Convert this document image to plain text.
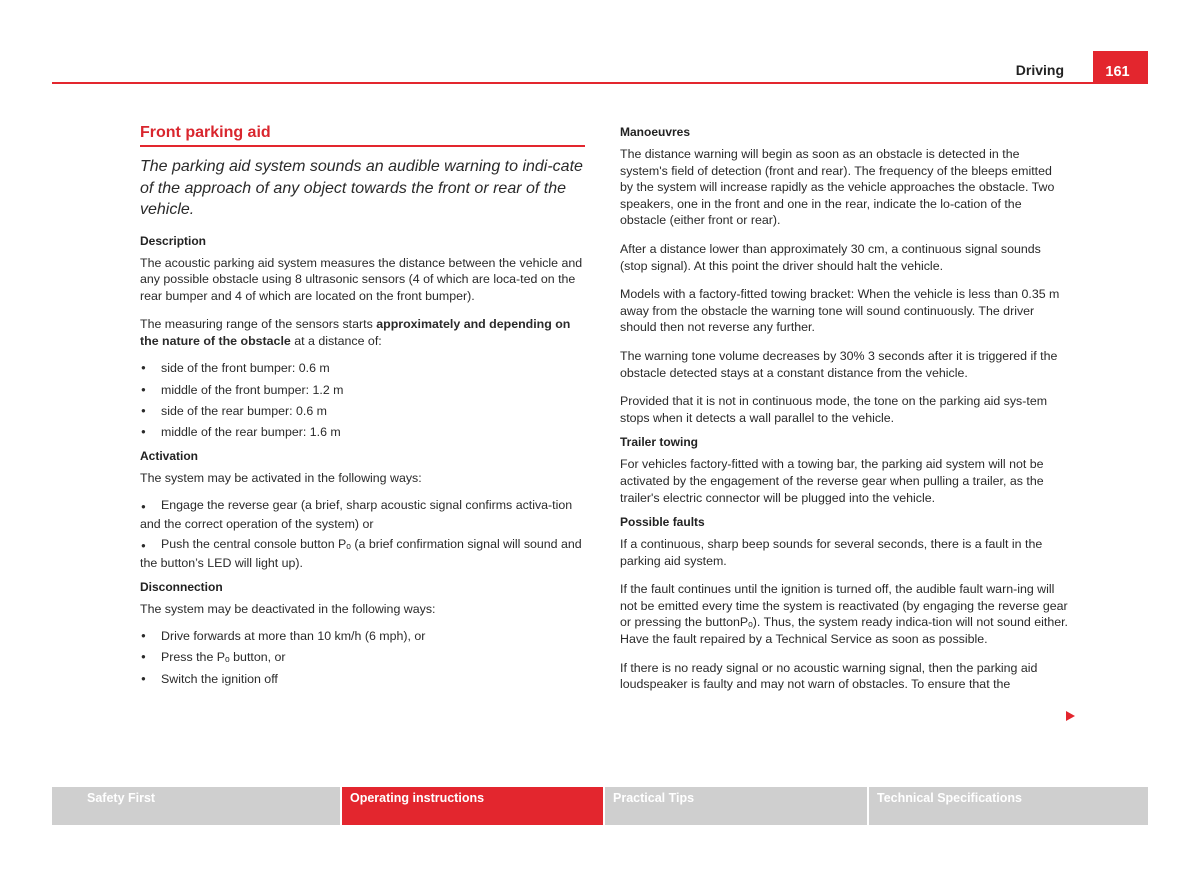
Driving	161
Front parking aid
The parking aid system sounds an audible warning to indi-cate of the approach of any object towards the front or rear of the vehicle.
Description
The acoustic parking aid system measures the distance between the vehicle and any possible obstacle using 8 ultrasonic sensors (4 of which are loca-ted on the rear bumper and 4 of which are located on the front bumper).
The measuring range of the sensors starts approximately and depending on the nature of the obstacle at a distance of:
● side of the front bumper: 0.6 m
● middle of the front bumper: 1.2 m
● side of the rear bumper: 0.6 m
● middle of the rear bumper: 1.6 m
Activation
The system may be activated in the following ways:
● Engage the reverse gear (a brief, sharp acoustic signal confirms activa-tion and the correct operation of the system) or
● Push the central console button Pₒ (a brief confirmation signal will sound and the button’s LED will light up).
Disconnection
The system may be deactivated in the following ways:
● Drive forwards at more than 10 km/h (6 mph), or
● Press the Pₒ button, or
● Switch the ignition off
Manoeuvres
The distance warning will begin as soon as an obstacle is detected in the system's field of detection (front and rear). The frequency of the bleeps emitted by the system will increase rapidly as the vehicle approaches the obstacle. Two speakers, one in the front and one in the rear, indicate the lo-cation of the obstacle (either front or rear).
After a distance lower than approximately 30 cm, a continuous signal sounds (stop signal). At this point the driver should halt the vehicle.
Models with a factory-fitted towing bracket: When the vehicle is less than 0.35 m away from the obstacle the warning tone will sound continuously. The driver should then not reverse any further.
The warning tone volume decreases by 30% 3 seconds after it is triggered if the obstacle detected stays at a constant distance from the vehicle.
Provided that it is not in continuous mode, the tone on the parking aid sys-tem stops when it detects a wall parallel to the vehicle.
Trailer towing
For vehicles factory-fitted with a towing bar, the parking aid system will not be activated by the engagement of the reverse gear when pulling a trailer, as the trailer's electric connector will be plugged into the vehicle.
Possible faults
If a continuous, sharp beep sounds for several seconds, there is a fault in the parking aid system.
If the fault continues until the ignition is turned off, the audible fault warn-ing will not be emitted every time the system is reactivated (by engaging the reverse gear or pressing the buttonPₒ). Thus, the system ready indica-tion will not sound either. Have the fault repaired by a Technical Service as soon as possible.
If there is no ready signal or no acoustic warning signal, then the parking aid loudspeaker is faulty and may not warn of obstacles. To ensure that the
Safety First	Operating instructions	Practical Tips	Technical Specifications
